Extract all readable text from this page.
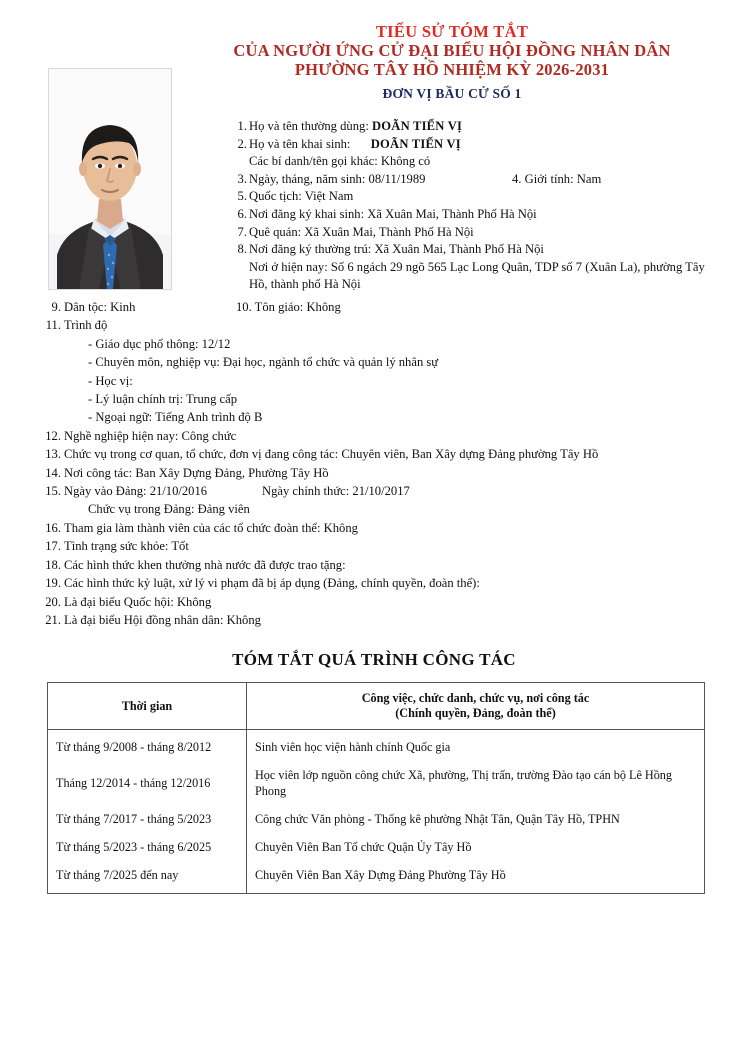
TIỂU SỬ TÓM TẮT
CỦA NGƯỜI ỨNG CỬ ĐẠI BIỂU HỘI ĐỒNG NHÂN DÂN
PHƯỜNG TÂY HỒ NHIỆM KỲ 2026-2031
ĐƠN VỊ BẦU CỬ SỐ 1
1. Họ và tên thường dùng: DOÃN TIẾN VỊ
2. Họ và tên khai sinh: DOÃN TIẾN VỊ
Các bí danh/tên gọi khác: Không có
3. Ngày, tháng, năm sinh: 08/11/1989	4. Giới tính: Nam
5. Quốc tịch: Việt Nam
6. Nơi đăng ký khai sinh: Xã Xuân Mai, Thành Phố Hà Nội
7. Quê quán: Xã Xuân Mai, Thành Phố Hà Nội
8. Nơi đăng ký thường trú: Xã Xuân Mai, Thành Phố Hà Nội
Nơi ở hiện nay: Số 6 ngách 29 ngõ 565 Lạc Long Quân, TDP số 7 (Xuân La), phường Tây Hồ, thành phố Hà Nội
9. Dân tộc: Kinh	10. Tôn giáo: Không
11. Trình độ
- Giáo dục phổ thông: 12/12
- Chuyên môn, nghiệp vụ: Đại học, ngành tổ chức và quản lý nhân sự
- Học vị:
- Lý luận chính trị: Trung cấp
- Ngoại ngữ: Tiếng Anh trình độ B
12. Nghề nghiệp hiện nay: Công chức
13. Chức vụ trong cơ quan, tổ chức, đơn vị đang công tác: Chuyên viên, Ban Xây dựng Đảng phường Tây Hồ
14. Nơi công tác: Ban Xây Dựng Đảng, Phường Tây Hồ
15. Ngày vào Đảng: 21/10/2016	Ngày chính thức: 21/10/2017
Chức vụ trong Đảng: Đảng viên
16. Tham gia làm thành viên của các tổ chức đoàn thể: Không
17. Tình trạng sức khỏe: Tốt
18. Các hình thức khen thưởng nhà nước đã được trao tặng:
19. Các hình thức kỷ luật, xử lý vi phạm đã bị áp dụng (Đảng, chính quyền, đoàn thể):
20. Là đại biểu Quốc hội: Không
21. Là đại biểu Hội đồng nhân dân: Không
TÓM TẮT QUÁ TRÌNH CÔNG TÁC
Thời gian	Công việc, chức danh, chức vụ, nơi công tác
(Chính quyền, Đảng, đoàn thể)

Từ tháng 9/2008 - tháng 8/2012	Sinh viên học viện hành chính Quốc gia
Tháng 12/2014 - tháng 12/2016	Học viên lớp nguồn công chức Xã, phường, Thị trấn, trường Đào tạo cán bộ Lê Hồng Phong
Từ tháng 7/2017 - tháng 5/2023	Công chức Văn phòng - Thống kê phường Nhật Tân, Quận Tây Hồ, TPHN
Từ tháng 5/2023 - tháng 6/2025	Chuyên Viên Ban Tổ chức Quận Ủy Tây Hồ
Từ tháng 7/2025 đến nay	Chuyên Viên Ban Xây Dựng Đảng Phường Tây Hồ
